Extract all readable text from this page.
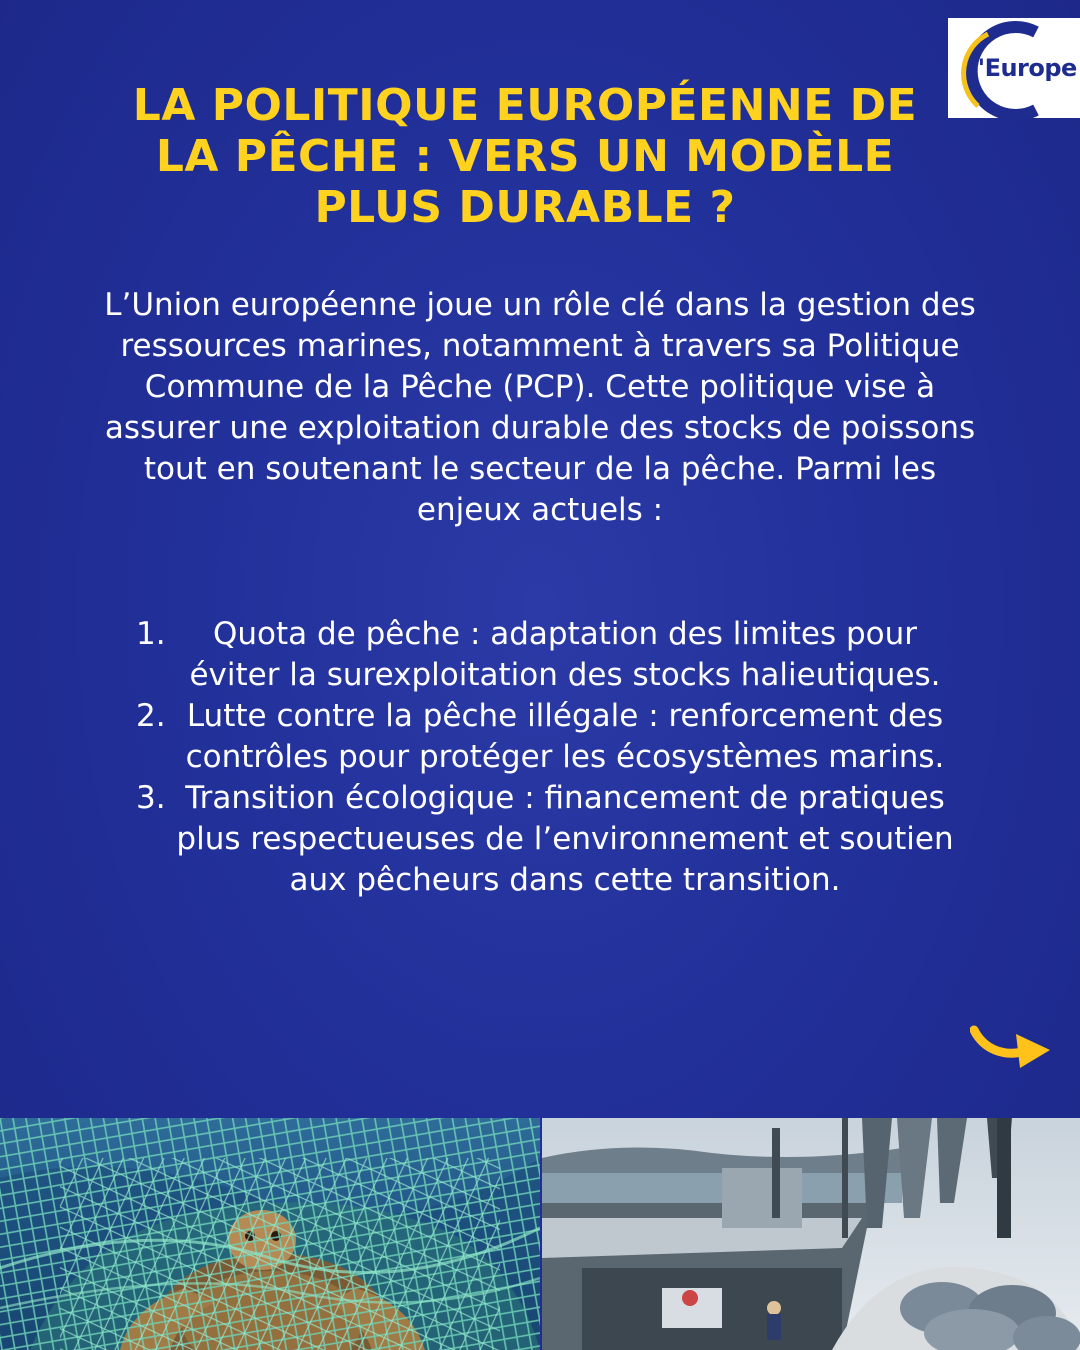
l'Europe
LA POLITIQUE EUROPÉENNE DE LA PÊCHE : VERS UN MODÈLE PLUS DURABLE ?

L’Union européenne joue un rôle clé dans la gestion des ressources marines, notamment à travers sa Politique Commune de la Pêche (PCP). Cette politique vise à assurer une exploitation durable des stocks de poissons tout en soutenant le secteur de la pêche. Parmi les enjeux actuels :

1. Quota de pêche : adaptation des limites pour éviter la surexploitation des stocks halieutiques.
2. Lutte contre la pêche illégale : renforcement des contrôles pour protéger les écosystèmes marins.
3. Transition écologique : financement de pratiques plus respectueuses de l’environnement et soutien aux pêcheurs dans cette transition.
